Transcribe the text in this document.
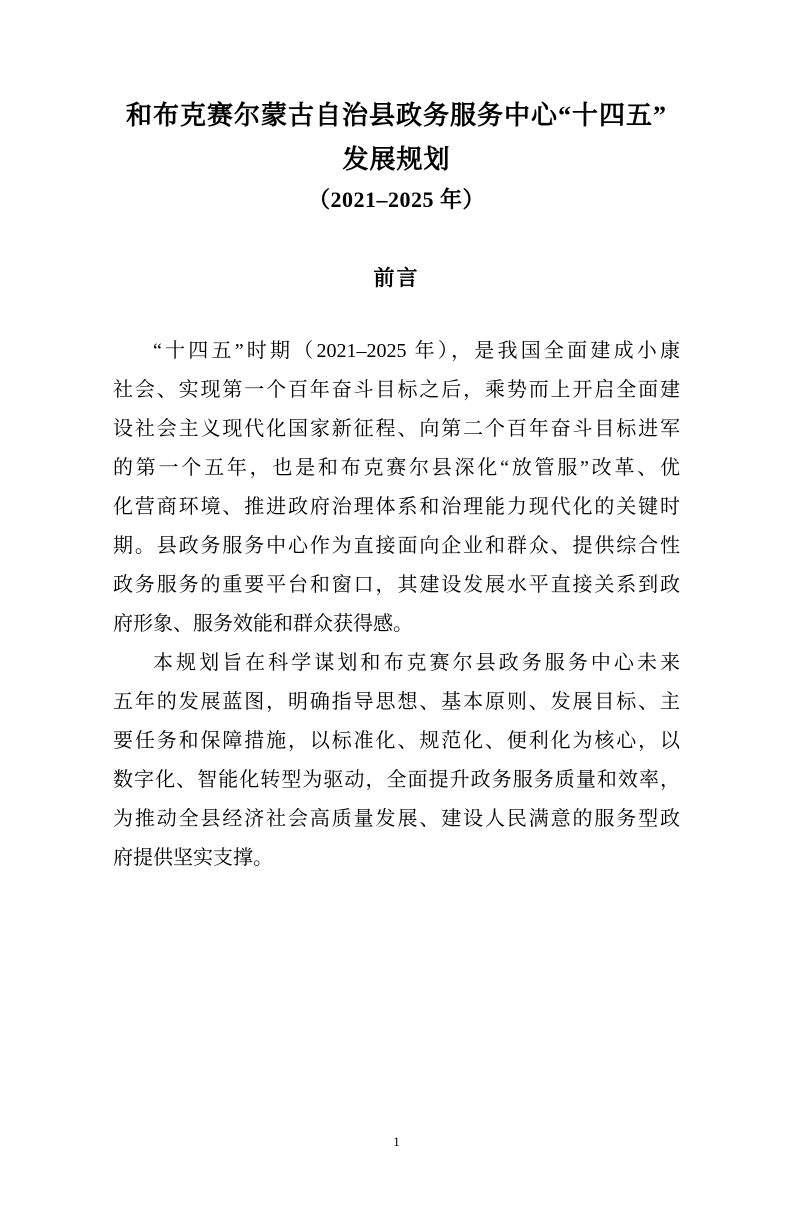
和布克赛尔蒙古自治县政务服务中心“十四五”
发展规划
（2021–2025 年）
前言
“十四五”时期（2021–2025 年），是我国全面建成小康
社会、实现第一个百年奋斗目标之后，乘势而上开启全面建
设社会主义现代化国家新征程、向第二个百年奋斗目标进军
的第一个五年，也是和布克赛尔县深化“放管服”改革、优
化营商环境、推进政府治理体系和治理能力现代化的关键时
期。县政务服务中心作为直接面向企业和群众、提供综合性
政务服务的重要平台和窗口，其建设发展水平直接关系到政
府形象、服务效能和群众获得感。
本规划旨在科学谋划和布克赛尔县政务服务中心未来
五年的发展蓝图，明确指导思想、基本原则、发展目标、主
要任务和保障措施，以标准化、规范化、便利化为核心，以
数字化、智能化转型为驱动，全面提升政务服务质量和效率，
为推动全县经济社会高质量发展、建设人民满意的服务型政
府提供坚实支撑。
1
